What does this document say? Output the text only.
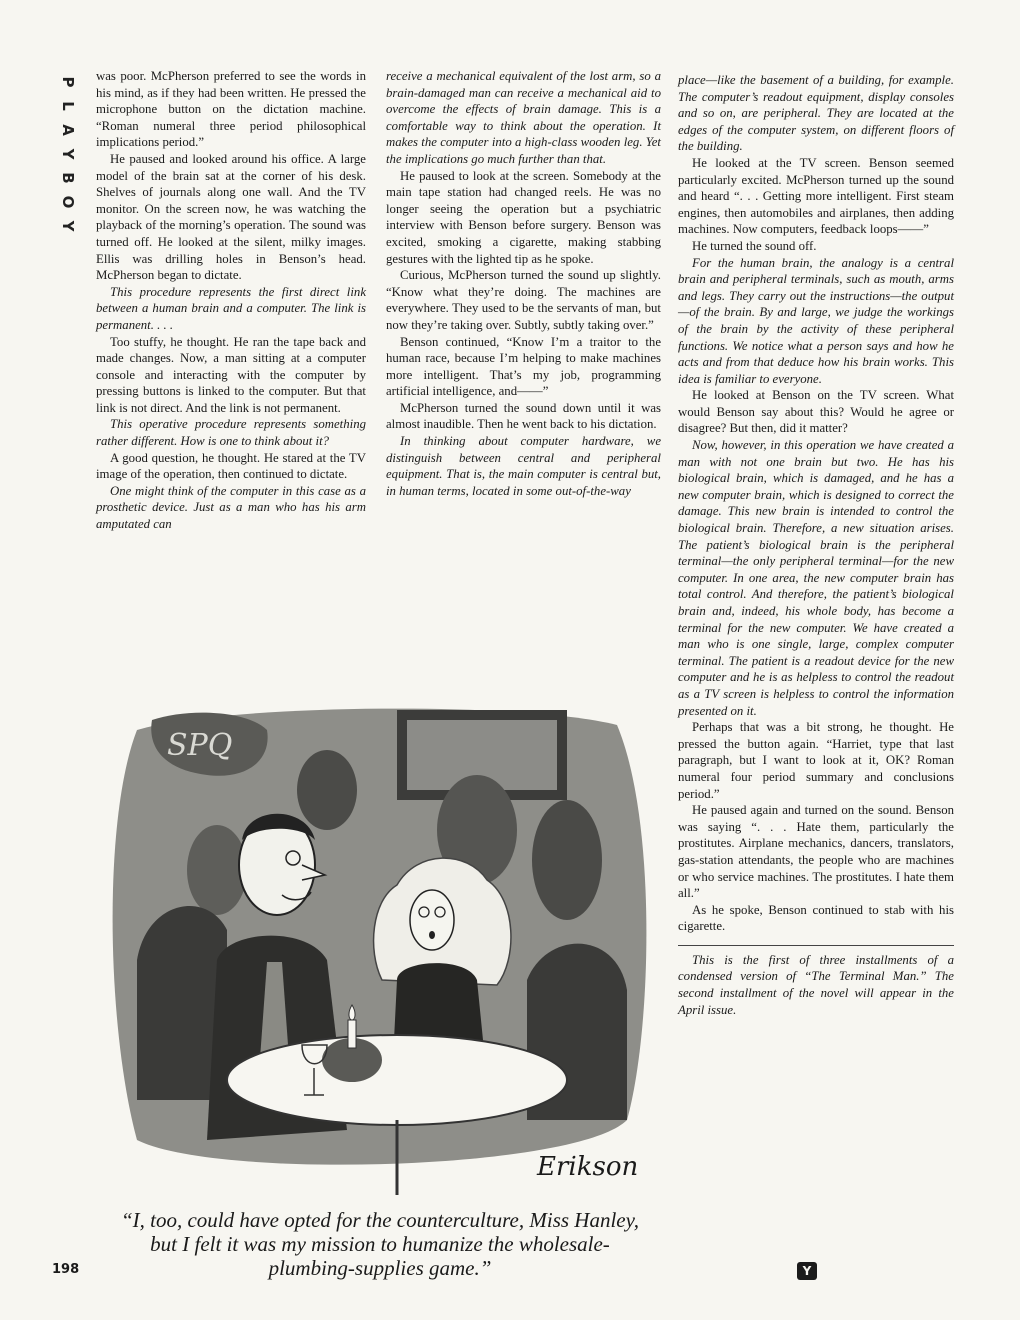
P
L
A
Y
B
O
Y

was poor. McPherson preferred to see the words in his mind, as if they had been written. He pressed the microphone button on the dictation machine. “Roman numeral three period philosophical implications period.”

He paused and looked around his office. A large model of the brain sat at the corner of his desk. Shelves of journals along one wall. And the TV monitor. On the screen now, he was watching the playback of the morning’s operation. The sound was turned off. He looked at the silent, milky images. Ellis was drilling holes in Benson’s head. McPherson began to dictate.

This procedure represents the first direct link between a human brain and a computer. The link is permanent. . . .

Too stuffy, he thought. He ran the tape back and made changes. Now, a man sitting at a computer console and interacting with the computer by pressing buttons is linked to the computer. But that link is not direct. And the link is not permanent.

This operative procedure represents something rather different. How is one to think about it?

A good question, he thought. He stared at the TV image of the operation, then continued to dictate.

One might think of the computer in this case as a prosthetic device. Just as a man who has his arm amputated can

receive a mechanical equivalent of the lost arm, so a brain-damaged man can receive a mechanical aid to overcome the effects of brain damage. This is a comfortable way to think about the operation. It makes the computer into a high-class wooden leg. Yet the implications go much further than that.

He paused to look at the screen. Somebody at the main tape station had changed reels. He was no longer seeing the operation but a psychiatric interview with Benson before surgery. Benson was excited, smoking a cigarette, making stabbing gestures with the lighted tip as he spoke.

Curious, McPherson turned the sound up slightly. “Know what they’re doing. The machines are everywhere. They used to be the servants of man, but now they’re taking over. Subtly, subtly taking over.”

Benson continued, “Know I’m a traitor to the human race, because I’m helping to make machines more intelligent. That’s my job, programming artificial intelligence, and——”

McPherson turned the sound down until it was almost inaudible. Then he went back to his dictation.

In thinking about computer hardware, we distinguish between central and peripheral equipment. That is, the main computer is central but, in human terms, located in some out-of-the-way

place—like the basement of a building, for example. The computer’s readout equipment, display consoles and so on, are peripheral. They are located at the edges of the computer system, on different floors of the building.

He looked at the TV screen. Benson seemed particularly excited. McPherson turned up the sound and heard “. . . Getting more intelligent. First steam engines, then automobiles and airplanes, then adding machines. Now computers, feedback loops——”

He turned the sound off.

For the human brain, the analogy is a central brain and peripheral terminals, such as mouth, arms and legs. They carry out the instructions—the output—of the brain. By and large, we judge the workings of the brain by the activity of these peripheral functions. We notice what a person says and how he acts and from that deduce how his brain works. This idea is familiar to everyone.

He looked at Benson on the TV screen. What would Benson say about this? Would he agree or disagree? But then, did it matter?

Now, however, in this operation we have created a man with not one brain but two. He has his biological brain, which is damaged, and he has a new computer brain, which is designed to correct the damage. This new brain is intended to control the biological brain. Therefore, a new situation arises. The patient’s biological brain is the peripheral terminal—the only peripheral terminal—for the new computer. In one area, the new computer brain has total control. And therefore, the patient’s biological brain and, indeed, his whole body, has become a terminal for the new computer. We have created a man who is one single, large, complex computer terminal. The patient is a readout device for the new computer and he is as helpless to control the readout as a TV screen is helpless to control the information presented on it.

Perhaps that was a bit strong, he thought. He pressed the button again. “Harriet, type that last paragraph, but I want to look at it, OK? Roman numeral four period summary and conclusions period.”

He paused again and turned on the sound. Benson was saying “. . . Hate them, particularly the prostitutes. Airplane mechanics, dancers, translators, gas-station attendants, the people who are machines or who service machines. The prostitutes. I hate them all.”

As he spoke, Benson continued to stab with his cigarette.

This is the first of three installments of a condensed version of “The Terminal Man.” The second installment of the novel will appear in the April issue.

SPQ
Erikson
“I, too, could have opted for the counterculture, Miss Hanley, but I felt it was my mission to humanize the wholesale-plumbing-supplies game.”
198	𝗬
